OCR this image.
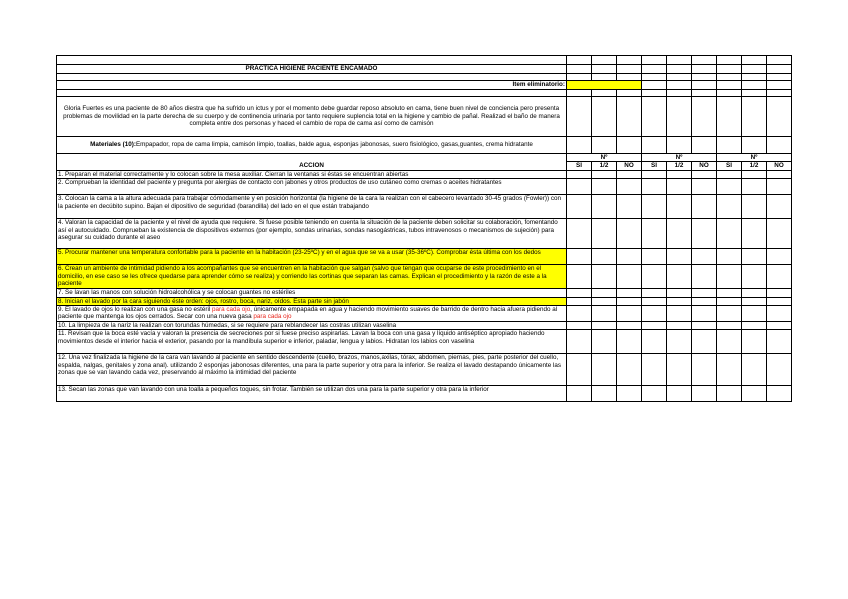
PRÁCTICA HIGIENE PACIENTE ENCAMADO									

Item eliminatorio:									

Gloria Fuertes es una paciente de 80 años diestra que ha sufrido un ictus y por el momento debe guardar reposo absoluto en cama, tiene buen nivel de conciencia pero presenta problemas de movilidad en la parte derecha de su cuerpo y de continencia urinaria por tanto requiere suplencia total en la higiene y cambio de pañal. Realizad el baño de manera completa entre dos personas y haced el cambio de ropa de cama así como de camisón									
Materiales (10):Empapador, ropa de cama limpia, camisón limpio, toallas, balde agua, esponjas jabonosas, suero fisiológico, gasas,guantes, crema hidratante									
ACCION	Nº			Nº			Nº		
	SI	1/2	NO	SI	1/2	NO	SI	1/2	NO
1. Preparan el material correctamente y lo colocan sobre la mesa auxiliar. Cierran la ventanas si éstas se encuentran abiertas									
2. Comprueban la identidad del paciente y pregunta por alergias de contacto con jabones y otros productos de uso cutáneo como cremas o aceites hidratantes									
3. Colocan la cama a la altura adecuada para trabajar cómodamente y en posición horizontal (la higiene de la cara la realizan con el cabecero levantado 30-45 grados (Fowler)) con la paciente en decúbito supino. Bajan el dipositivo de seguridad (barandilla) del lado en el que están trabajando									
4. Valoran la capacidad de la paciente y el nivel de ayuda que requiere. Si fuese posible teniendo en cuenta la situación de la paciente deben solicitar su colaboración, fomentando así el autocuidado. Comprueban la existencia de dispositivos externos (por ejemplo, sondas urinarias, sondas nasogástricas, tubos intravenosos o mecanismos de sujeción) para asegurar su cuidado durante el aseo									
5. Procurar mantener una temperatura confortable para la paciente en la habitación (23-25ºC) y en el agua que se va a usar (35-36ºC). Comprobar ésta última con los dedos									
6. Crean un ambiente de intimidad pidiendo a los acompañantes que se encuentren en la habitación que salgan (salvo que tengan que ocuparse de este procedimiento en el domicilio, en ese caso se les ofrece quedarse para aprender cómo se realiza) y corriendo las cortinas que separan las camas. Explican el procedimiento y la razón de este a la paciente									
7. Se lavan las manos con solución hidroalcohólica y se colocan guantes no estériles									
8. Inician el lavado por la cara siguiendo éste orden: ojos, rostro, boca, nariz, oídos. Esta parte sin jabón									
9. El lavado de ojos lo realizan con una gasa no estéril para cada ojo, únicamente empapada en agua y haciendo movimiento suaves de barrido de dentro hacia afuera pidiendo al paciente que mantenga los ojos cerrados. Secar con una nueva gasa para cada ojo									
10. La limpieza de la nariz la realizan con torundas húmedas, si se requiere para reblandecer las costras utilizan vaselina									
11. Revisan que la boca esté vacía y valoran la presencia de secreciones por si fuese preciso aspirarlas. Lavan la boca con una gasa y líquido antiséptico apropiado haciendo movimientos desde el interior hacia el exterior, pasando por la mandíbula superior e inferior, paladar, lengua y labios. Hidratan los labios con vaselina									
12. Una vez finalizada la higiene de la cara van lavando al paciente en sentido descendente (cuello, brazos, manos,axilas, tórax, abdomen, piernas, pies, parte posterior del cuello, espalda, nalgas, genitales y zona anal). utilizando 2 esponjas jabonosas diferentes, una para la parte superior y otra para la inferior. Se realiza el lavado destapando únicamente las zonas que se van lavando cada vez, preservando al máximo la intimidad del paciente									
13. Secan las zonas que van lavando con una toalla a pequeños toques, sin frotar. También se utilizan dos una para la parte superior y otra para la inferior									
